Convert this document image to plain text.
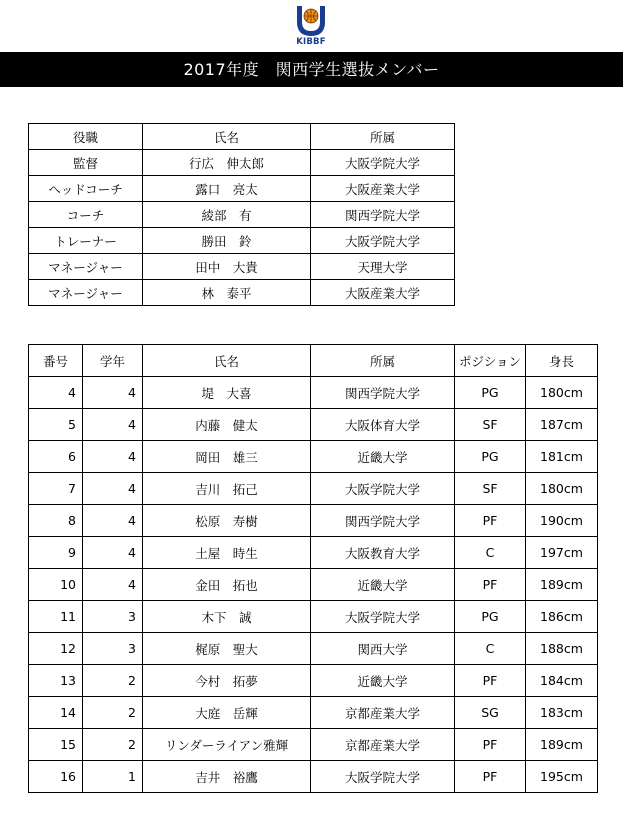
KIBBF
2017年度　関西学生選抜メンバー
役職	氏名	所属
監督	行広　伸太郎	大阪学院大学
ヘッドコーチ	露口　亮太	大阪産業大学
コーチ	綾部　有	関西学院大学
トレーナー	勝田　鈴	大阪学院大学
マネージャー	田中　大貴	天理大学
マネージャー	林　泰平	大阪産業大学
番号	学年	氏名	所属	ポジション	身長
4	4	堤　大喜	関西学院大学	PG	180cm
5	4	内藤　健太	大阪体育大学	SF	187cm
6	4	岡田　雄三	近畿大学	PG	181cm
7	4	吉川　拓己	大阪学院大学	SF	180cm
8	4	松原　寿樹	関西学院大学	PF	190cm
9	4	土屋　時生	大阪教育大学	C	197cm
10	4	金田　拓也	近畿大学	PF	189cm
11	3	木下　誠	大阪学院大学	PG	186cm
12	3	梶原　聖大	関西大学	C	188cm
13	2	今村　拓夢	近畿大学	PF	184cm
14	2	大庭　岳輝	京都産業大学	SG	183cm
15	2	リンダーライアン雅輝	京都産業大学	PF	189cm
16	1	吉井　裕鷹	大阪学院大学	PF	195cm
